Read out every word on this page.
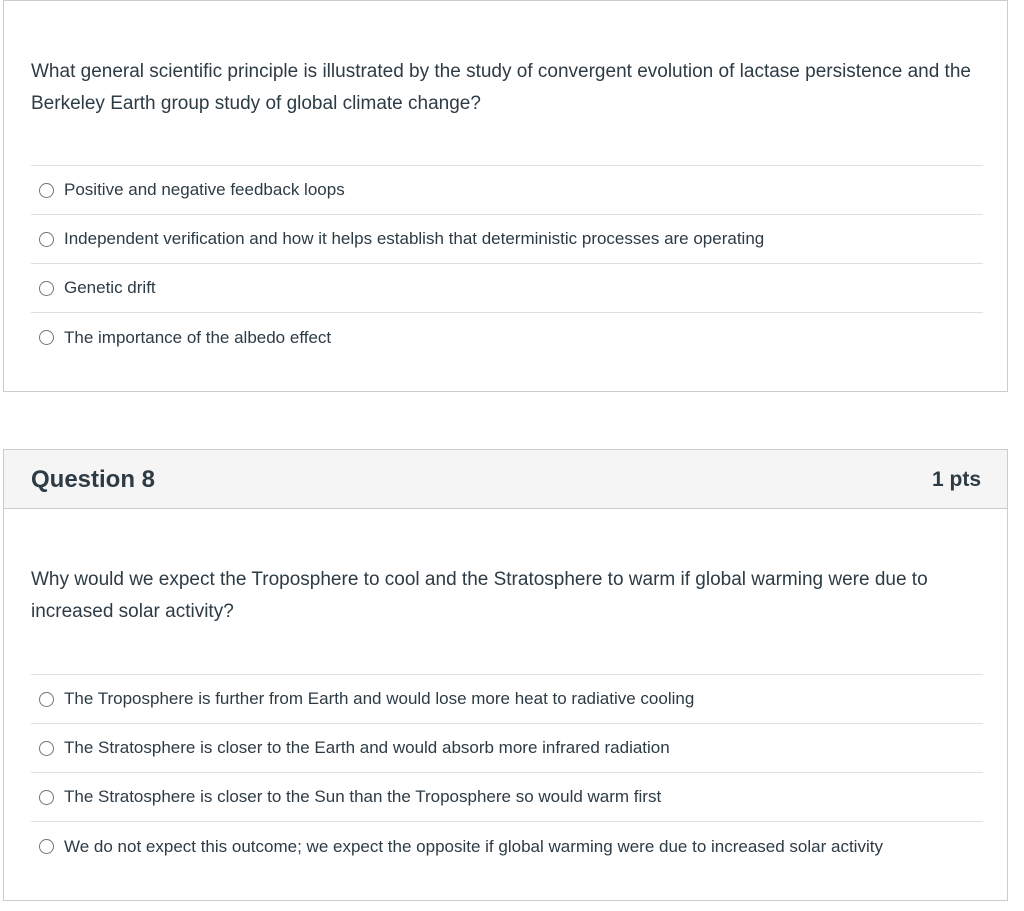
What general scientific principle is illustrated by the study of convergent evolution of lactase persistence and the Berkeley Earth group study of global climate change?
Positive and negative feedback loops
Independent verification and how it helps establish that deterministic processes are operating
Genetic drift
The importance of the albedo effect
Question 8	1 pts
Why would we expect the Troposphere to cool and the Stratosphere to warm if global warming were due to increased solar activity?
The Troposphere is further from Earth and would lose more heat to radiative cooling
The Stratosphere is closer to the Earth and would absorb more infrared radiation
The Stratosphere is closer to the Sun than the Troposphere so would warm first
We do not expect this outcome; we expect the opposite if global warming were due to increased solar activity
